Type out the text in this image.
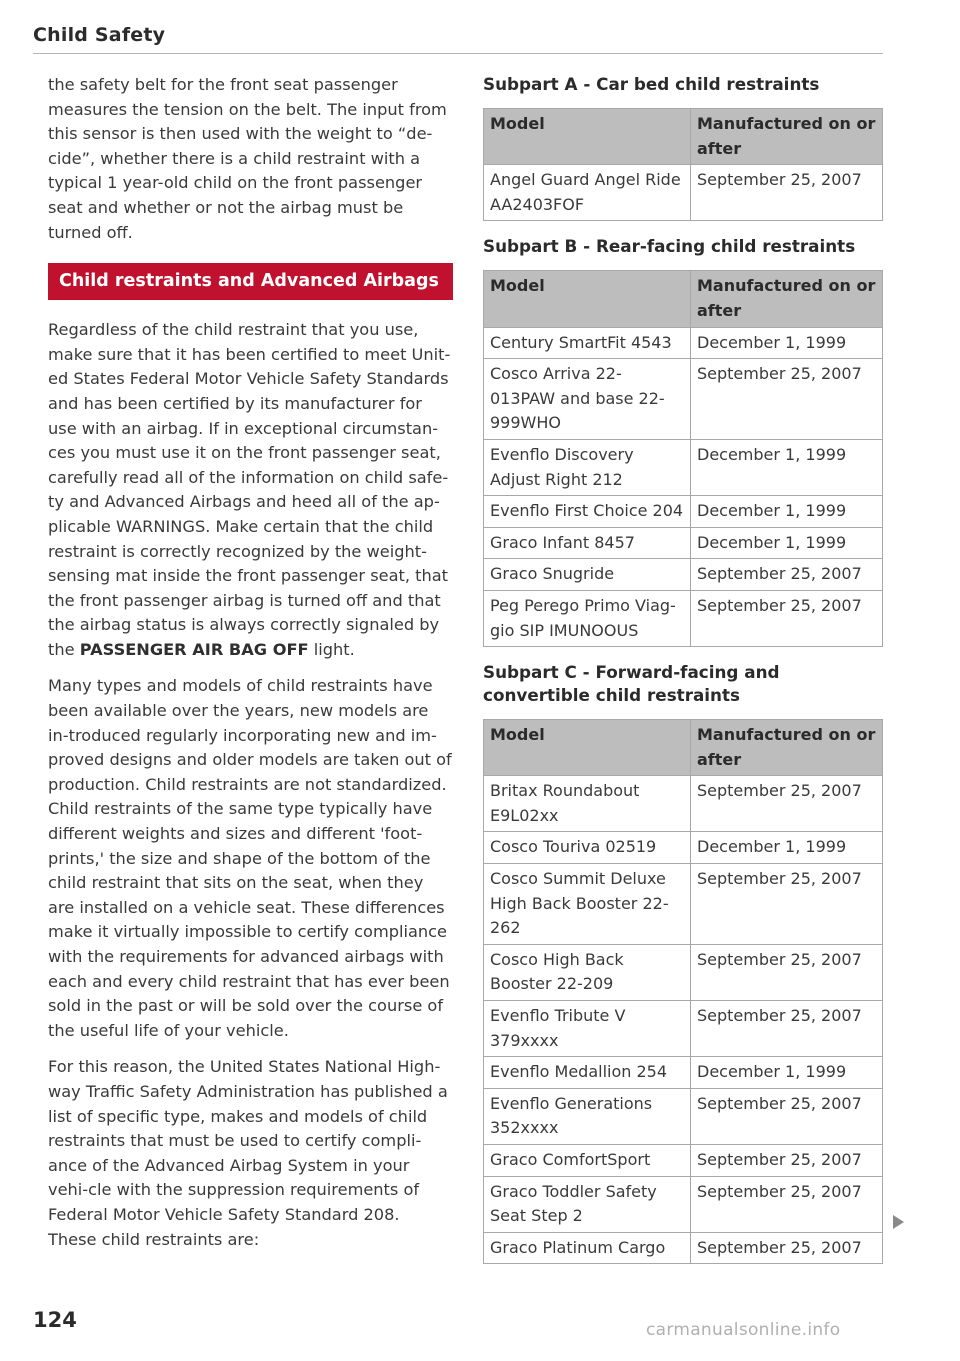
Child Safety

the safety belt for the front seat passenger measures the tension on the belt. The input from this sensor is then used with the weight to “de-cide”, whether there is a child restraint with a typical 1 year-old child on the front passenger seat and whether or not the airbag must be turned off.

Child restraints and Advanced Airbags

Regardless of the child restraint that you use, make sure that it has been certified to meet Unit-ed States Federal Motor Vehicle Safety Standards and has been certified by its manufacturer for use with an airbag. If in exceptional circumstan-ces you must use it on the front passenger seat, carefully read all of the information on child safe-ty and Advanced Airbags and heed all of the ap-plicable WARNINGS. Make certain that the child restraint is correctly recognized by the weight-sensing mat inside the front passenger seat, that the front passenger airbag is turned off and that the airbag status is always correctly signaled by the PASSENGER AIR BAG OFF light.

Many types and models of child restraints have been available over the years, new models are in-troduced regularly incorporating new and im-proved designs and older models are taken out of production. Child restraints are not standardized. Child restraints of the same type typically have different weights and sizes and different 'foot-prints,' the size and shape of the bottom of the child restraint that sits on the seat, when they are installed on a vehicle seat. These differences make it virtually impossible to certify compliance with the requirements for advanced airbags with each and every child restraint that has ever been sold in the past or will be sold over the course of the useful life of your vehicle.

For this reason, the United States National High-way Traffic Safety Administration has published a list of specific type, makes and models of child restraints that must be used to certify compli-ance of the Advanced Airbag System in your vehi-cle with the suppression requirements of Federal Motor Vehicle Safety Standard 208. These child restraints are:

Subpart A - Car bed child restraints
Model	Manufactured on or after
Angel Guard Angel Ride AA2403FOF	September 25, 2007
Subpart B - Rear-facing child restraints
Model	Manufactured on or after
Century SmartFit 4543	December 1, 1999
Cosco Arriva 22-013PAW and base 22-999WHO	September 25, 2007
Evenflo Discovery Adjust Right 212	December 1, 1999
Evenflo First Choice 204	December 1, 1999
Graco Infant 8457	December 1, 1999
Graco Snugride	September 25, 2007
Peg Perego Primo Viag-gio SIP IMUNOOUS	September 25, 2007
Subpart C - Forward-facing and convertible child restraints
Model	Manufactured on or after
Britax Roundabout E9L02xx	September 25, 2007
Cosco Touriva 02519	December 1, 1999
Cosco Summit Deluxe High Back Booster 22-262	September 25, 2007
Cosco High Back Booster 22-209	September 25, 2007
Evenflo Tribute V 379xxxx	September 25, 2007
Evenflo Medallion 254	December 1, 1999
Evenflo Generations 352xxxx	September 25, 2007
Graco ComfortSport	September 25, 2007
Graco Toddler Safety Seat Step 2	September 25, 2007
Graco Platinum Cargo	September 25, 2007
124	carmanualsonline.info
